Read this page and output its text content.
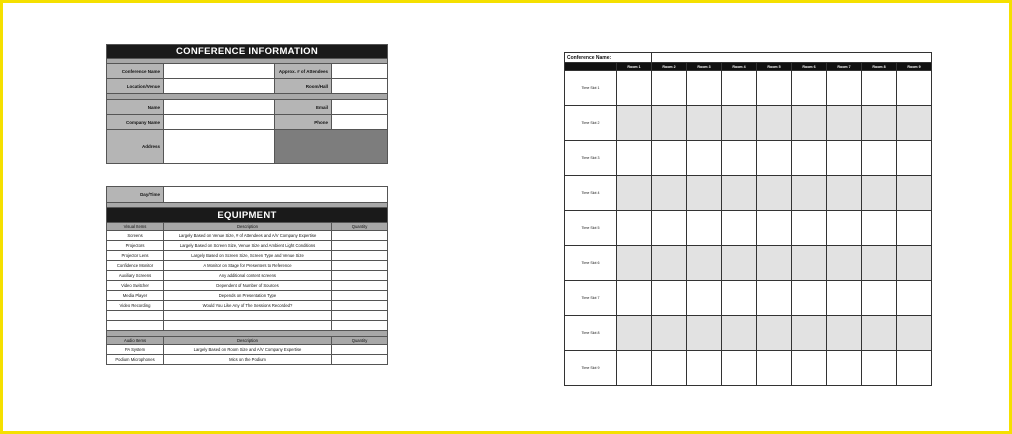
CONFERENCE INFORMATION			

Conference Name		Approx. # of Attendees	
Location/Venue		Room/Hall	

Name		Email	
Company Name		Phone	
Address			
Day/Time		

EQUIPMENT		
Visual Items	Description	Quantity
Screens	Largely Based on Venue Size, # of Attendees and A/V Company Expertise	
Projectors	Largely Based on Screen Size, Venue Size and Ambient Light Conditions	
Projector Lens	Largely Based on Screen Size, Screen Type and Venue Size	
Confidence Monitor	A Monitor on Stage for Presenters to Reference	
Auxiliary Screens	Any additional content screens	
Video Switcher	Dependent of Number of Sources	
Media Player	Depends on Presentation Type	
Video Recording	Would You Like Any of The Sessions Recorded?	

Audio Items	Description	Quantity
PA System	Largely Based on Room Size and A/V Company Expertise	
Podium Microphones	Mics on the Podium	
Conference Name:									
	Room 1	Room 2	Room 3	Room 4	Room 5	Room 6	Room 7	Room 8	Room 9
Time Slot 1									
Time Slot 2									
Time Slot 3									
Time Slot 4									
Time Slot 5									
Time Slot 6									
Time Slot 7									
Time Slot 8									
Time Slot 9									
